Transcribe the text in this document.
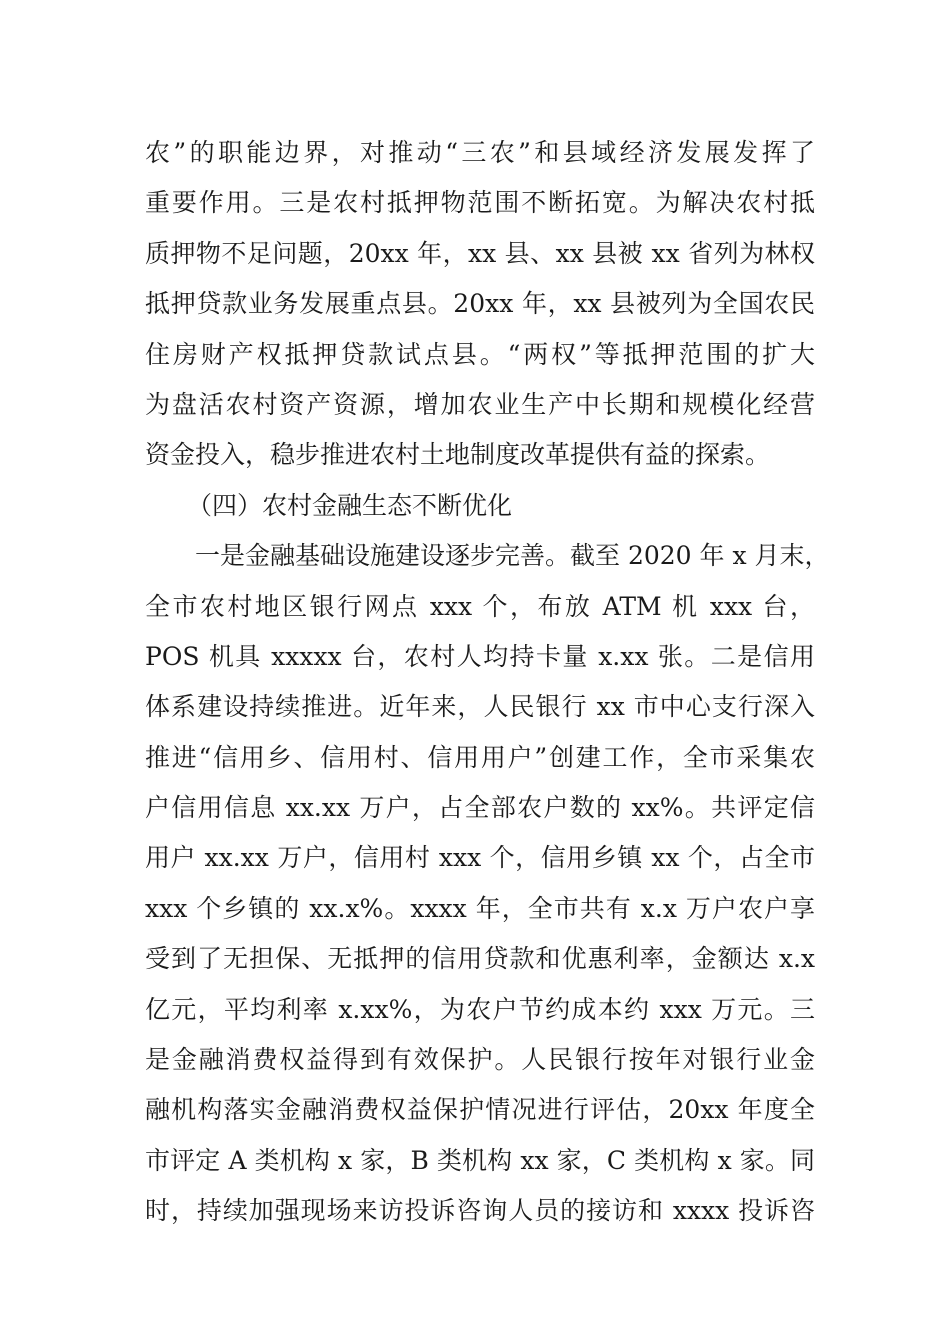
农”的职能边界，对推动“三农”和县域经济发展发挥了
重要作用。三是农村抵押物范围不断拓宽。为解决农村抵
质押物不足问题，20xx 年，xx 县、xx 县被 xx 省列为林权
抵押贷款业务发展重点县。20xx 年，xx 县被列为全国农民
住房财产权抵押贷款试点县。“两权”等抵押范围的扩大
为盘活农村资产资源，增加农业生产中长期和规模化经营
资金投入，稳步推进农村土地制度改革提供有益的探索。
（四）农村金融生态不断优化
一是金融基础设施建设逐步完善。截至 2020 年 x 月末，
全市农村地区银行网点 xxx 个，布放 ATM 机 xxx 台，
POS 机具 xxxxx 台，农村人均持卡量 x.xx 张。二是信用
体系建设持续推进。近年来，人民银行 xx 市中心支行深入
推进“信用乡、信用村、信用用户”创建工作，全市采集农
户信用信息 xx.xx 万户，占全部农户数的 xx%。共评定信
用户 xx.xx 万户，信用村 xxx 个，信用乡镇 xx 个，占全市
xxx 个乡镇的 xx.x%。xxxx 年，全市共有 x.x 万户农户享
受到了无担保、无抵押的信用贷款和优惠利率，金额达 x.x
亿元，平均利率 x.xx%，为农户节约成本约 xxx 万元。三
是金融消费权益得到有效保护。人民银行按年对银行业金
融机构落实金融消费权益保护情况进行评估，20xx 年度全
市评定 A 类机构 x 家，B 类机构 xx 家，C 类机构 x 家。同
时，持续加强现场来访投诉咨询人员的接访和 xxxx 投诉咨
